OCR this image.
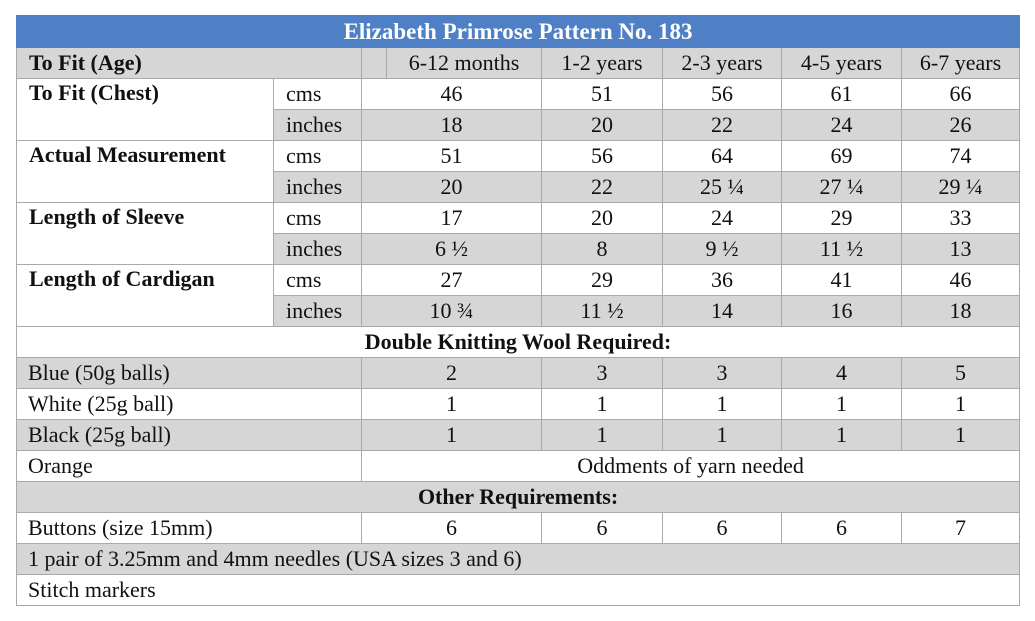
Elizabeth Primrose Pattern No. 183							
To Fit (Age)			6-12 months	1-2 years	2-3 years	4-5 years	6-7 years
To Fit (Chest)	cms	46		51	56	61	66
	inches	18		20	22	24	26
Actual Measurement	cms	51		56	64	69	74
	inches	20		22	25 ¼	27 ¼	29 ¼
Length of Sleeve	cms	17		20	24	29	33
	inches	6 ½		8	9 ½	11 ½	13
Length of Cardigan	cms	27		29	36	41	46
	inches	10 ¾		11 ½	14	16	18
Double Knitting Wool Required:							
Blue (50g balls)		2		3	3	4	5
White (25g ball)		1		1	1	1	1
Black (25g ball)		1		1	1	1	1
Orange		Oddments of yarn needed					
Other Requirements:							
Buttons (size 15mm)		6		6	6	6	7
1 pair of 3.25mm and 4mm needles (USA sizes 3 and 6)							
Stitch markers							
